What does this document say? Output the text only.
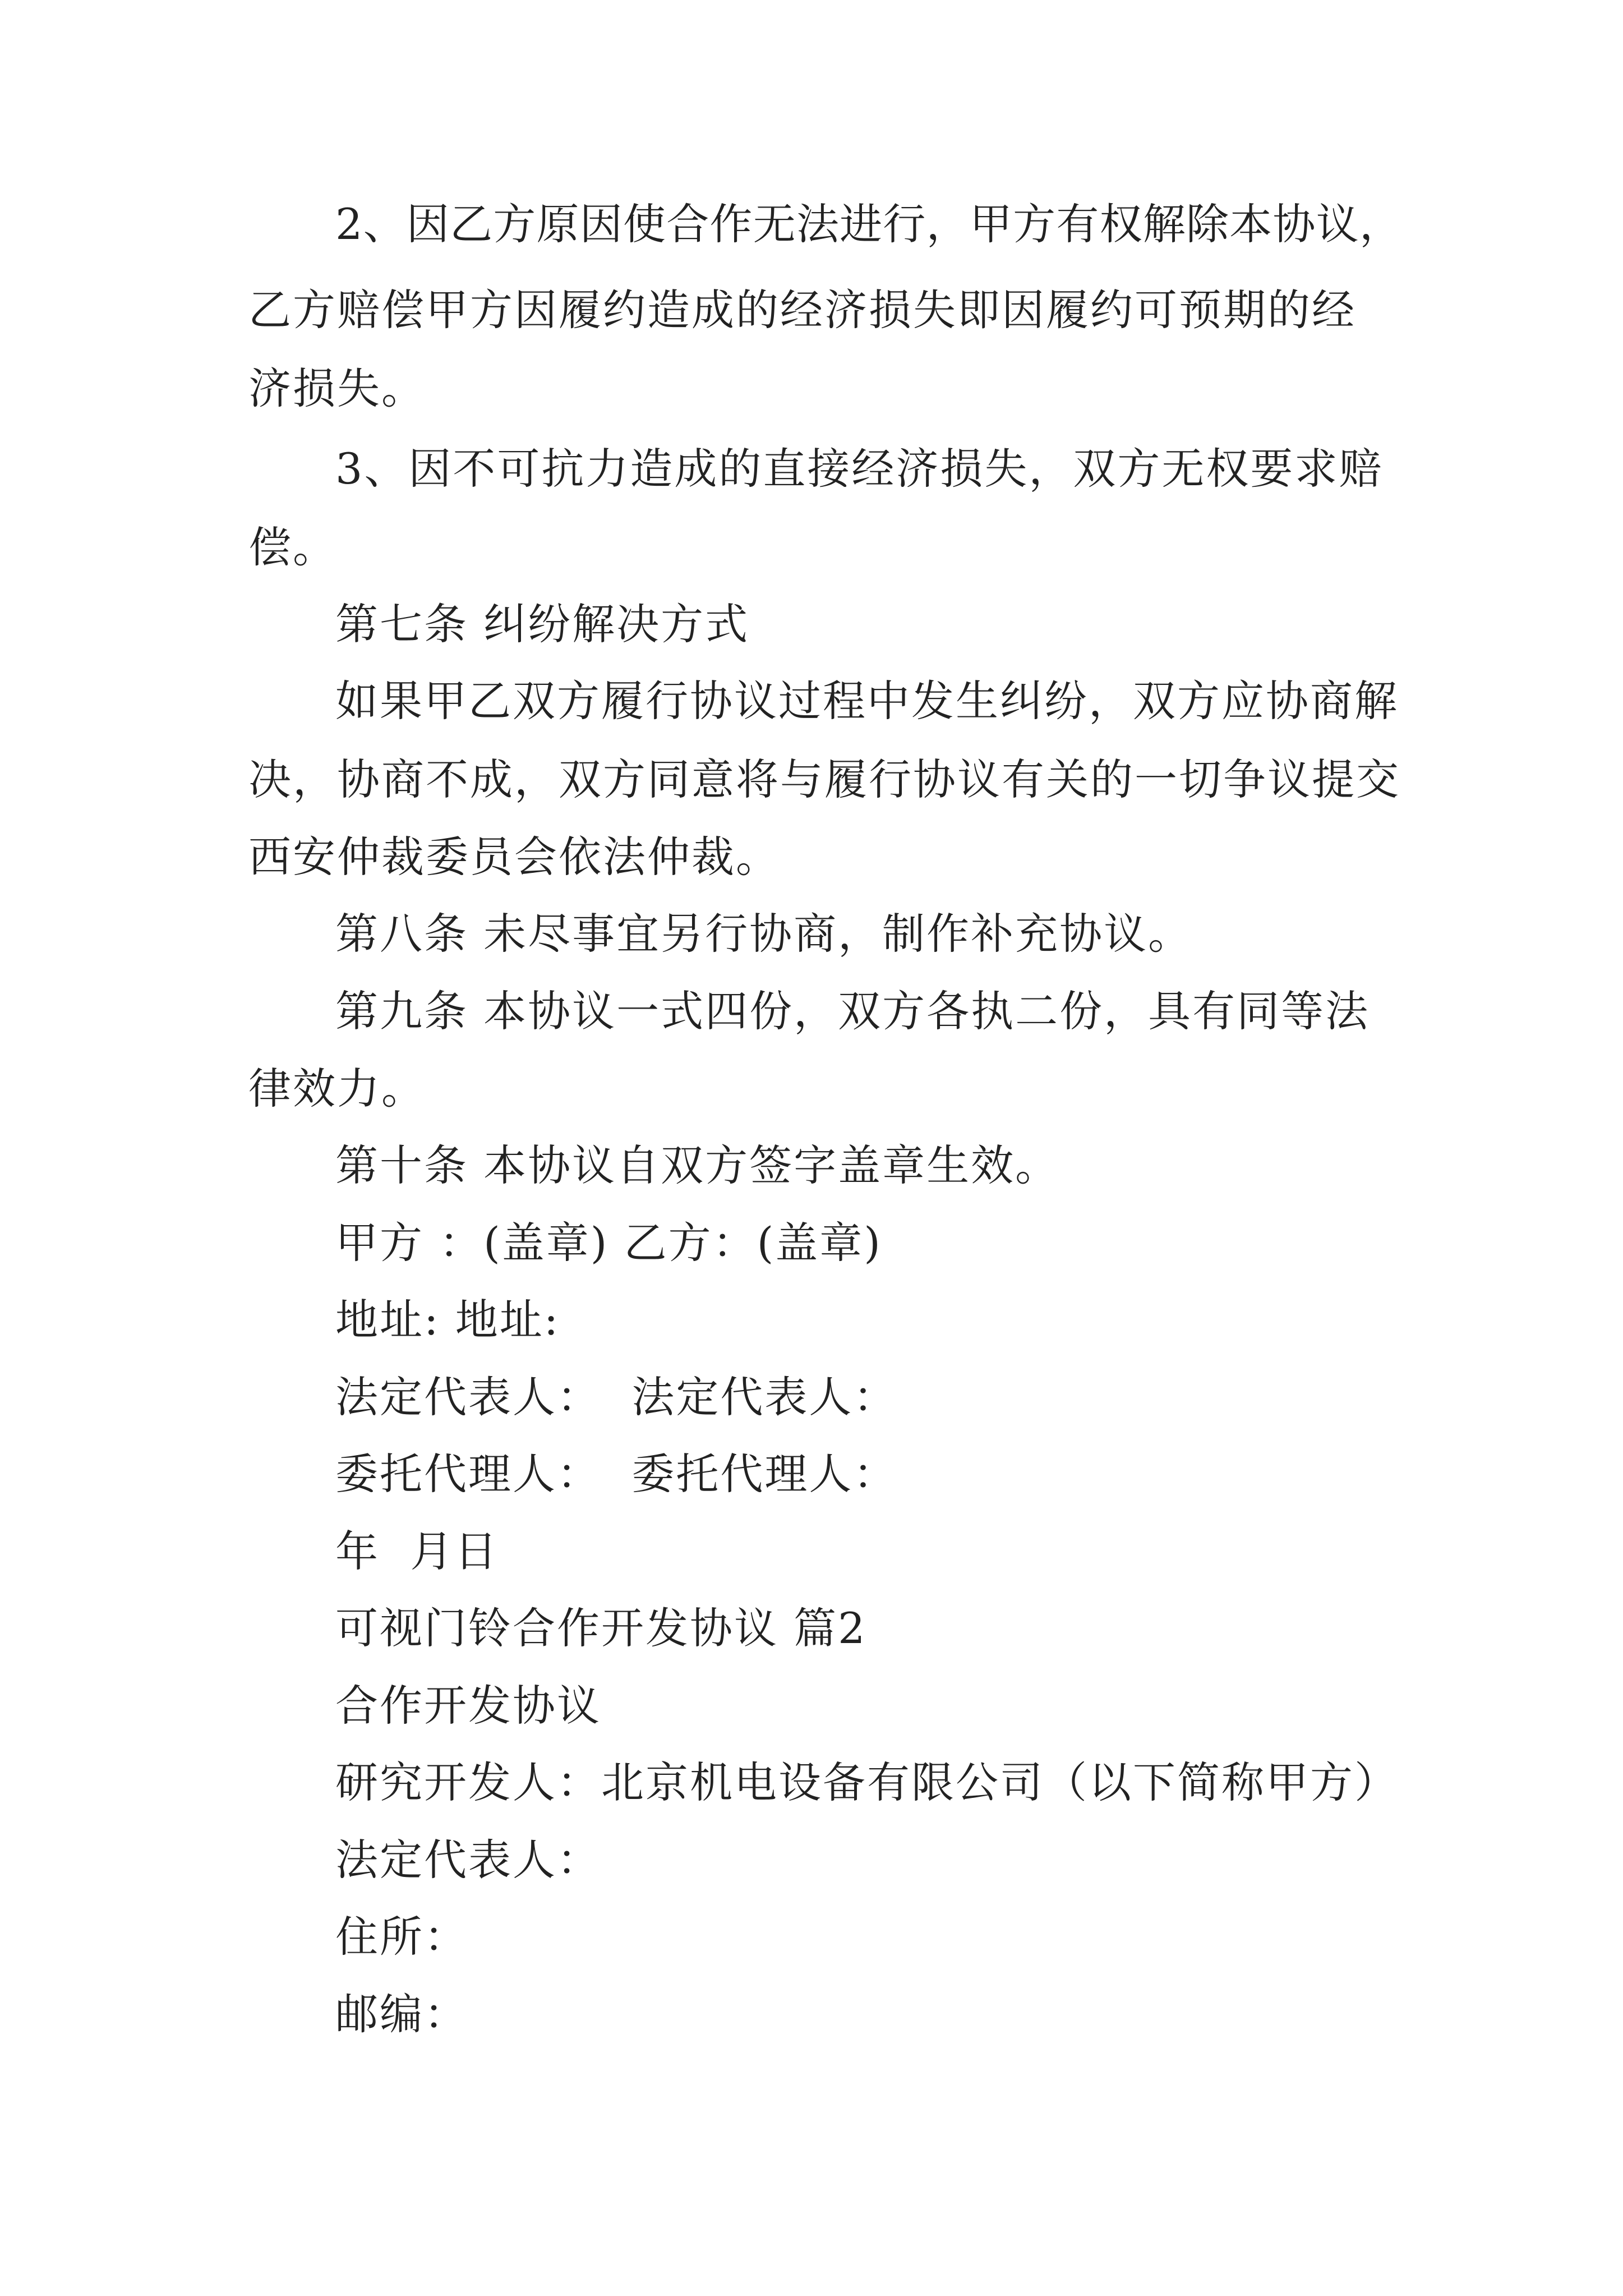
2 、 因 乙 方 原 因 使 合 作 无 法 进 行 ， 甲 方 有 权 解 除 本 协 议 ，

乙方赔偿甲方因履约造成的经济损失即因履约可预期的经

济损失。

3、因不可抗力造成的直接经济损失，双方无权要求赔

偿。

第七条 纠纷解决方式

如果甲乙双方履行协议过程中发生纠纷，双方应协商解

决，协商不成，双方同意将与履行协议有关的一切争议提交

西安仲裁委员会依法仲裁。

第八条 未尽事宜另行协商，制作补充协议。

第九条 本协议一式四份，双方各执二份，具有同等法

律效力。

第十条 本协议自双方签字盖章生效。

甲方 ：(盖章) 乙方：(盖章)

地址: 地址:

法定代表人：  法定代表人：

委托代理人：  委托代理人：

年  月日

可视门铃合作开发协议 篇2

合作开发协议

研究开发人：北京机电设备有限公司（以下简称甲方）

法定代表人：

住所：

邮编：
